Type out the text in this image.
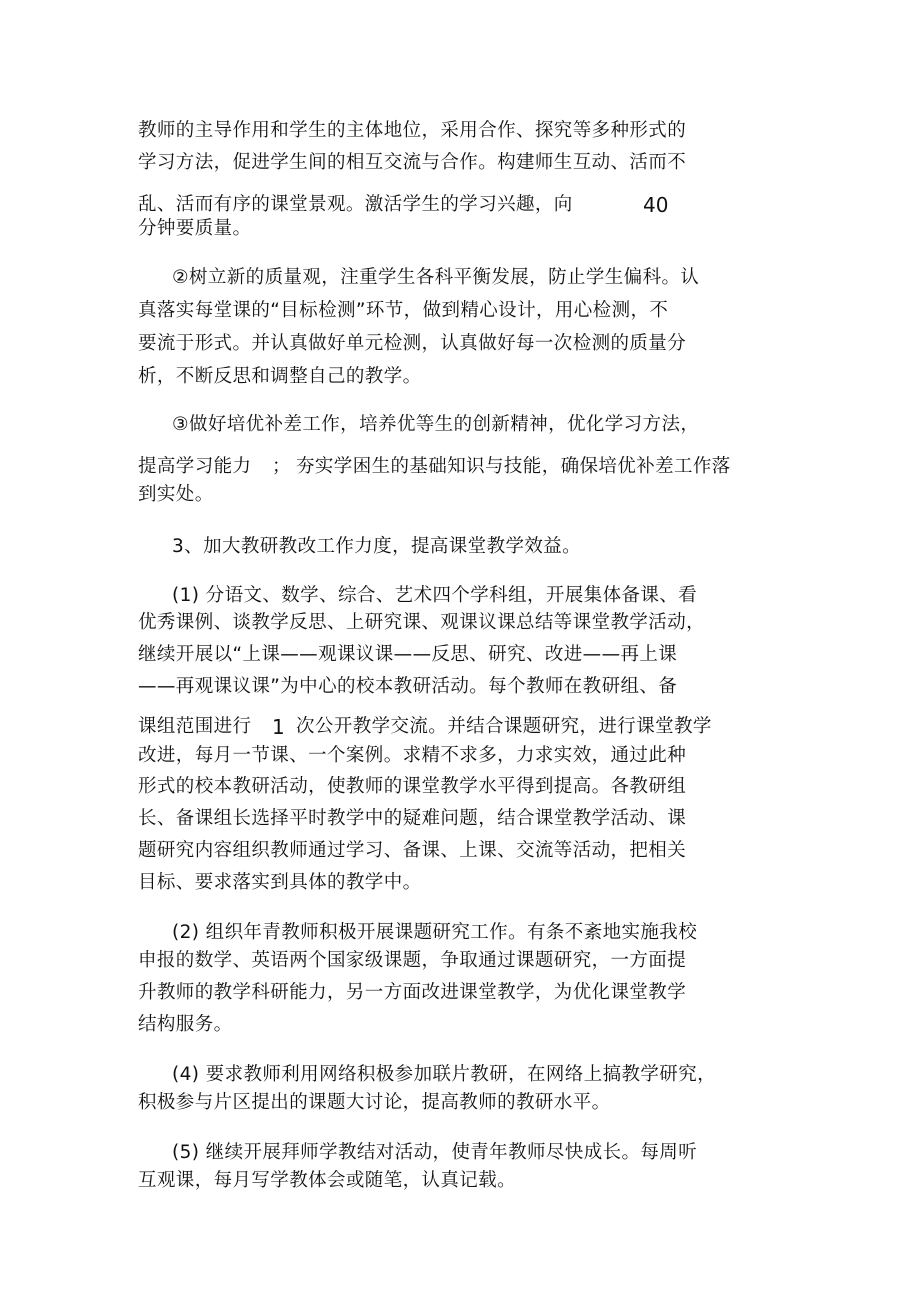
教师的主导作用和学生的主体地位，采用合作、探究等多种形式的
学习方法，促进学生间的相互交流与合作。构建师生互动、活而不
乱、活而有序的课堂景观。激活学生的学习兴趣，向	40
分钟要质量。
②树立新的质量观，注重学生各科平衡发展，防止学生偏科。认
真落实每堂课的“目标检测”环节，做到精心设计，用心检测，不
要流于形式。并认真做好单元检测，认真做好每一次检测的质量分
析，不断反思和调整自己的教学。
③做好培优补差工作，培养优等生的创新精神，优化学习方法，
提高学习能力 ； 夯实学困生的基础知识与技能，确保培优补差工作落
到实处。
3、加大教研教改工作力度，提高课堂教学效益。
(1) 分语文、数学、综合、艺术四个学科组，开展集体备课、看
优秀课例、谈教学反思、上研究课、观课议课总结等课堂教学活动，
继续开展以“上课——观课议课——反思、研究、改进——再上课
——再观课议课”为中心的校本教研活动。每个教师在教研组、备
课组范围进行 1 次公开教学交流。并结合课题研究，进行课堂教学
改进，每月一节课、一个案例。求精不求多，力求实效，通过此种
形式的校本教研活动，使教师的课堂教学水平得到提高。各教研组
长、备课组长选择平时教学中的疑难问题，结合课堂教学活动、课
题研究内容组织教师通过学习、备课、上课、交流等活动，把相关
目标、要求落实到具体的教学中。
(2) 组织年青教师积极开展课题研究工作。有条不紊地实施我校
申报的数学、英语两个国家级课题，争取通过课题研究，一方面提
升教师的教学科研能力，另一方面改进课堂教学，为优化课堂教学
结构服务。
(4) 要求教师利用网络积极参加联片教研，在网络上搞教学研究，
积极参与片区提出的课题大讨论，提高教师的教研水平。
(5) 继续开展拜师学教结对活动，使青年教师尽快成长。每周听
互观课，每月写学教体会或随笔，认真记载。
